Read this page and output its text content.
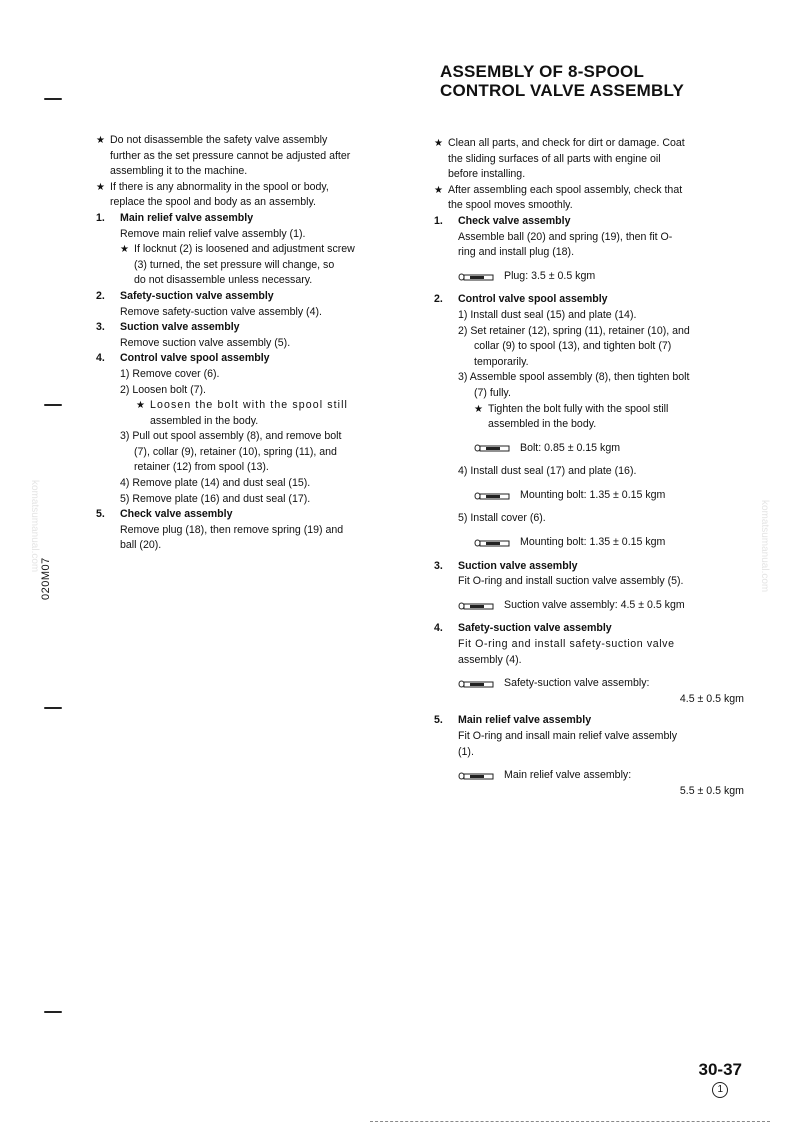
ASSEMBLY OF 8-SPOOL
CONTROL VALVE ASSEMBLY
020M07
komatsumanual.com	komatsumanual.com
★ Do not disassemble the safety valve assembly
further as the set pressure cannot be adjusted after
assembling it to the machine.
★ If there is any abnormality in the spool or body,
replace the spool and body as an assembly.
1.	Main relief valve assembly
Remove main relief valve assembly (1).
★ If locknut (2) is loosened and adjustment screw
(3) turned, the set pressure will change, so
do not disassemble unless necessary.
2.	Safety-suction valve assembly
Remove safety-suction valve assembly (4).
3.	Suction valve assembly
Remove suction valve assembly (5).
4.	Control valve spool assembly
1) Remove cover (6).
2) Loosen bolt (7).
★ Loosen the bolt with the spool still
assembled in the body.
3) Pull out spool assembly (8), and remove bolt
(7), collar (9), retainer (10), spring (11), and
retainer (12) from spool (13).
4) Remove plate (14) and dust seal (15).
5) Remove plate (16) and dust seal (17).
5.	Check valve assembly
Remove plug (18), then remove spring (19) and
ball (20).
★ Clean all parts, and check for dirt or damage. Coat
the sliding surfaces of all parts with engine oil
before installing.
★ After assembling each spool assembly, check that
the spool moves smoothly.
1.	Check valve assembly
Assemble ball (20) and spring (19), then fit O-
ring and install plug (18).
Plug: 3.5 ± 0.5 kgm
2.	Control valve spool assembly
1) Install dust seal (15) and plate (14).
2) Set retainer (12), spring (11), retainer (10), and
collar (9) to spool (13), and tighten bolt (7)
temporarily.
3) Assemble spool assembly (8), then tighten bolt
(7) fully.
★ Tighten the bolt fully with the spool still
assembled in the body.
Bolt: 0.85 ± 0.15 kgm
4) Install dust seal (17) and plate (16).
Mounting bolt: 1.35 ± 0.15 kgm
5) Install cover (6).
Mounting bolt: 1.35 ± 0.15 kgm
3.	Suction valve assembly
Fit O-ring and install suction valve assembly (5).
Suction valve assembly: 4.5 ± 0.5 kgm
4.	Safety-suction valve assembly
Fit O-ring and install safety-suction valve
assembly (4).
Safety-suction valve assembly:
4.5 ± 0.5 kgm
5.	Main relief valve assembly
Fit O-ring and insall main relief valve assembly
(1).
Main relief valve assembly:
5.5 ± 0.5 kgm
30-37
1
